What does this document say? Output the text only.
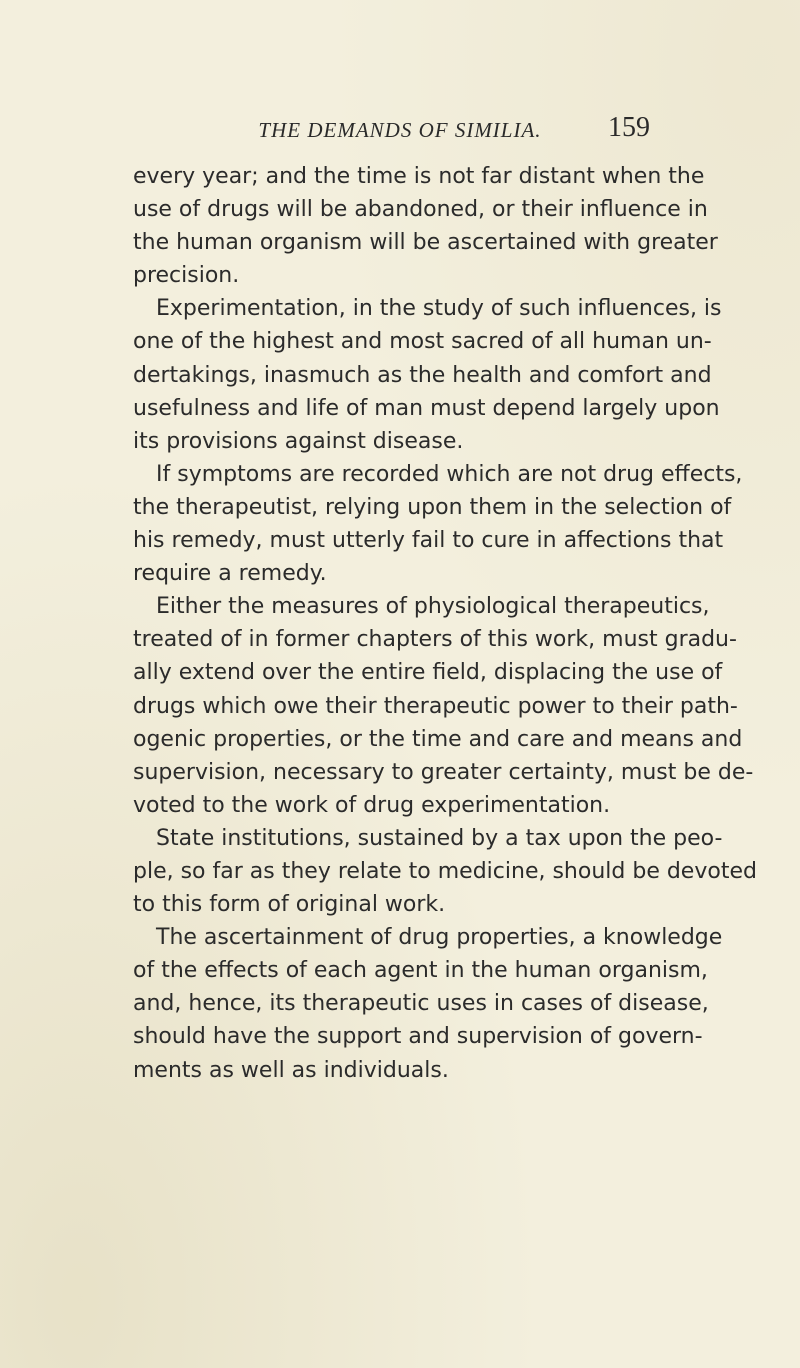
THE DEMANDS OF SIMILIA.	159
every year; and the time is not far distant when the
use of drugs will be abandoned, or their influence in
the human organism will be ascertained with greater
precision.
Experimentation, in the study of such influences, is
one of the highest and most sacred of all human un-
dertakings, inasmuch as the health and comfort and
usefulness and life of man must depend largely upon
its provisions against disease.
If symptoms are recorded which are not drug effects,
the therapeutist, relying upon them in the selection of
his remedy, must utterly fail to cure in affections that
require a remedy.
Either the measures of physiological therapeutics,
treated of in former chapters of this work, must gradu-
ally extend over the entire field, displacing the use of
drugs which owe their therapeutic power to their path-
ogenic properties, or the time and care and means and
supervision, necessary to greater certainty, must be de-
voted to the work of drug experimentation.
State institutions, sustained by a tax upon the peo-
ple, so far as they relate to medicine, should be devoted
to this form of original work.
The ascertainment of drug properties, a knowledge
of the effects of each agent in the human organism,
and, hence, its therapeutic uses in cases of disease,
should have the support and supervision of govern-
ments as well as individuals.
